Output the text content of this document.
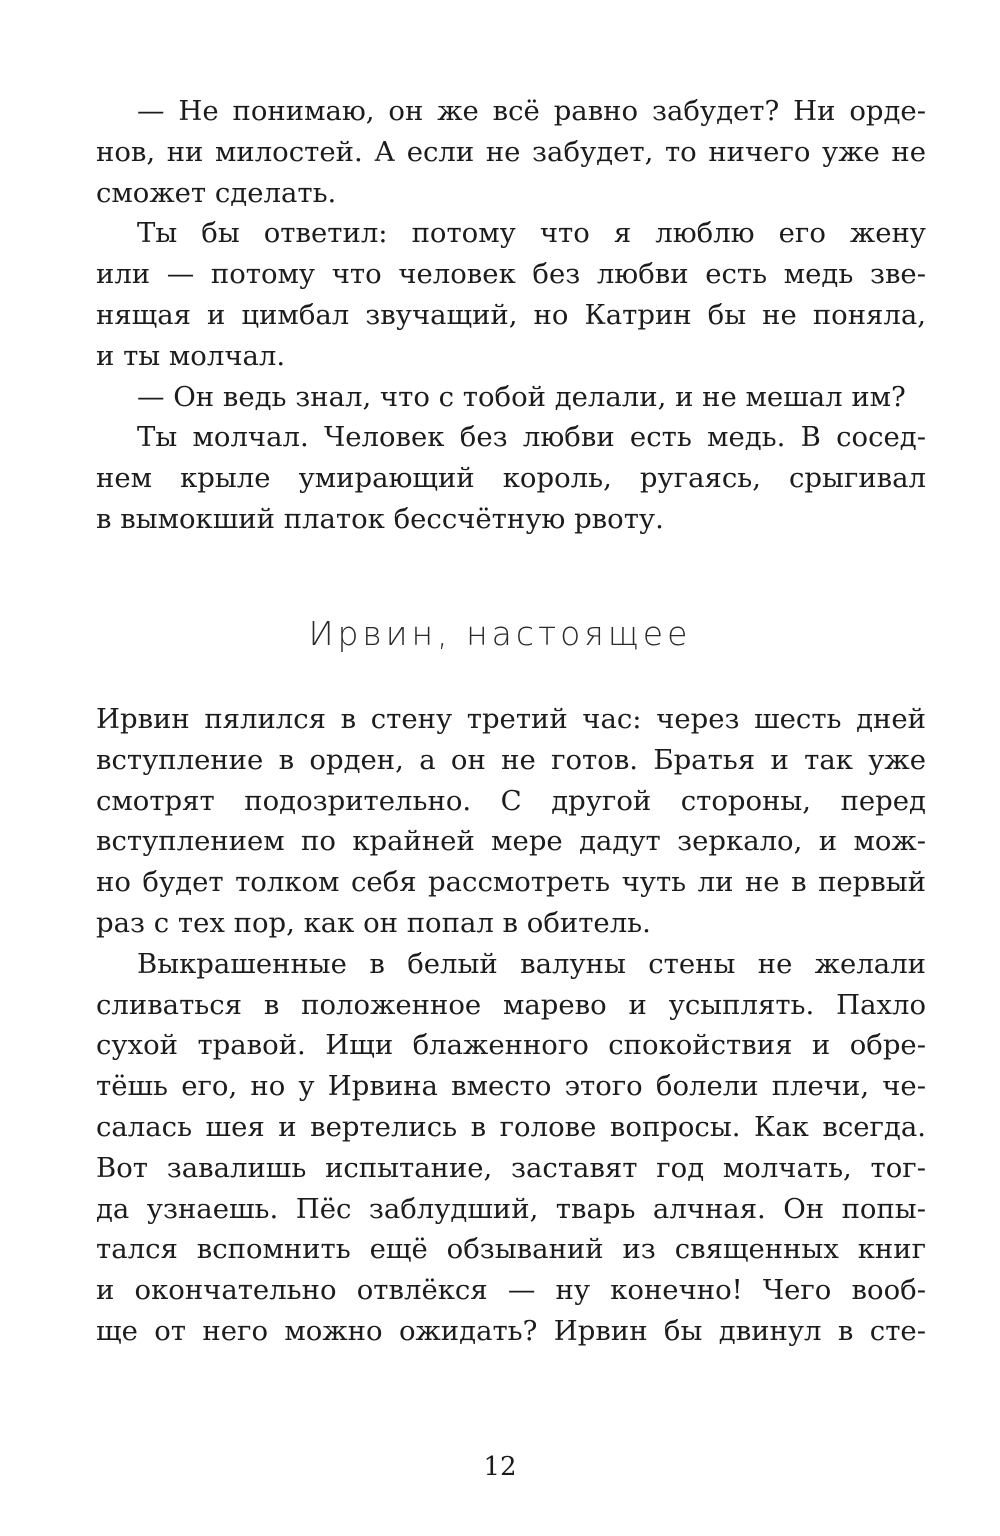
— Не понимаю, он же всё равно забудет? Ни орде-
нов, ни милостей. А если не забудет, то ничего уже не
сможет сделать.
Ты бы ответил: потому что я люблю его жену
или — потому что человек без любви есть медь зве-
нящая и цимбал звучащий, но Катрин бы не поняла,
и ты молчал.
— Он ведь знал, что с тобой делали, и не мешал им?
Ты молчал. Человек без любви есть медь. В сосед-
нем крыле умирающий король, ругаясь, срыгивал
в вымокший платок бессчётную рвоту.
Ирвин, настоящее
Ирвин пялился в стену третий час: через шесть дней
вступление в орден, а он не готов. Братья и так уже
смотрят подозрительно. С другой стороны, перед
вступлением по крайней мере дадут зеркало, и мож-
но будет толком себя рассмотреть чуть ли не в первый
раз с тех пор, как он попал в обитель.
Выкрашенные в белый валуны стены не желали
сливаться в положенное марево и усыплять. Пахло
сухой травой. Ищи блаженного спокойствия и обре-
тёшь его, но у Ирвина вместо этого болели плечи, че-
салась шея и вертелись в голове вопросы. Как всегда.
Вот завалишь испытание, заставят год молчать, тог-
да узнаешь. Пёс заблудший, тварь алчная. Он попы-
тался вспомнить ещё обзываний из священных книг
и окончательно отвлёкся — ну конечно! Чего вооб-
ще от него можно ожидать? Ирвин бы двинул в сте-
12
